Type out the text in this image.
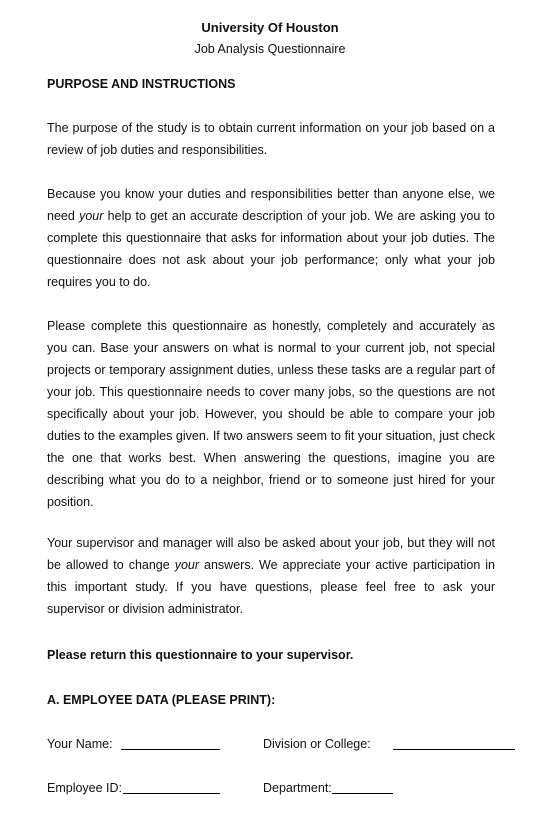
University Of Houston
Job Analysis Questionnaire
PURPOSE AND INSTRUCTIONS

The purpose of the study is to obtain current information on your job based on a review of job duties and responsibilities.

Because you know your duties and responsibilities better than anyone else, we need your help to get an accurate description of your job. We are asking you to complete this questionnaire that asks for information about your job duties. The questionnaire does not ask about your job performance; only what your job requires you to do.

Please complete this questionnaire as honestly, completely and accurately as you can. Base your answers on what is normal to your current job, not special projects or temporary assignment duties, unless these tasks are a regular part of your job. This questionnaire needs to cover many jobs, so the questions are not specifically about your job. However, you should be able to compare your job duties to the examples given. If two answers seem to fit your situation, just check the one that works best. When answering the questions, imagine you are describing what you do to a neighbor, friend or to someone just hired for your position.

Your supervisor and manager will also be asked about your job, but they will not be allowed to change your answers. We appreciate your active participation in this important study. If you have questions, please feel free to ask your supervisor or division administrator.

Please return this questionnaire to your supervisor.
A. EMPLOYEE DATA (PLEASE PRINT):
Your Name:	Division or College:
Employee ID:	Department:
